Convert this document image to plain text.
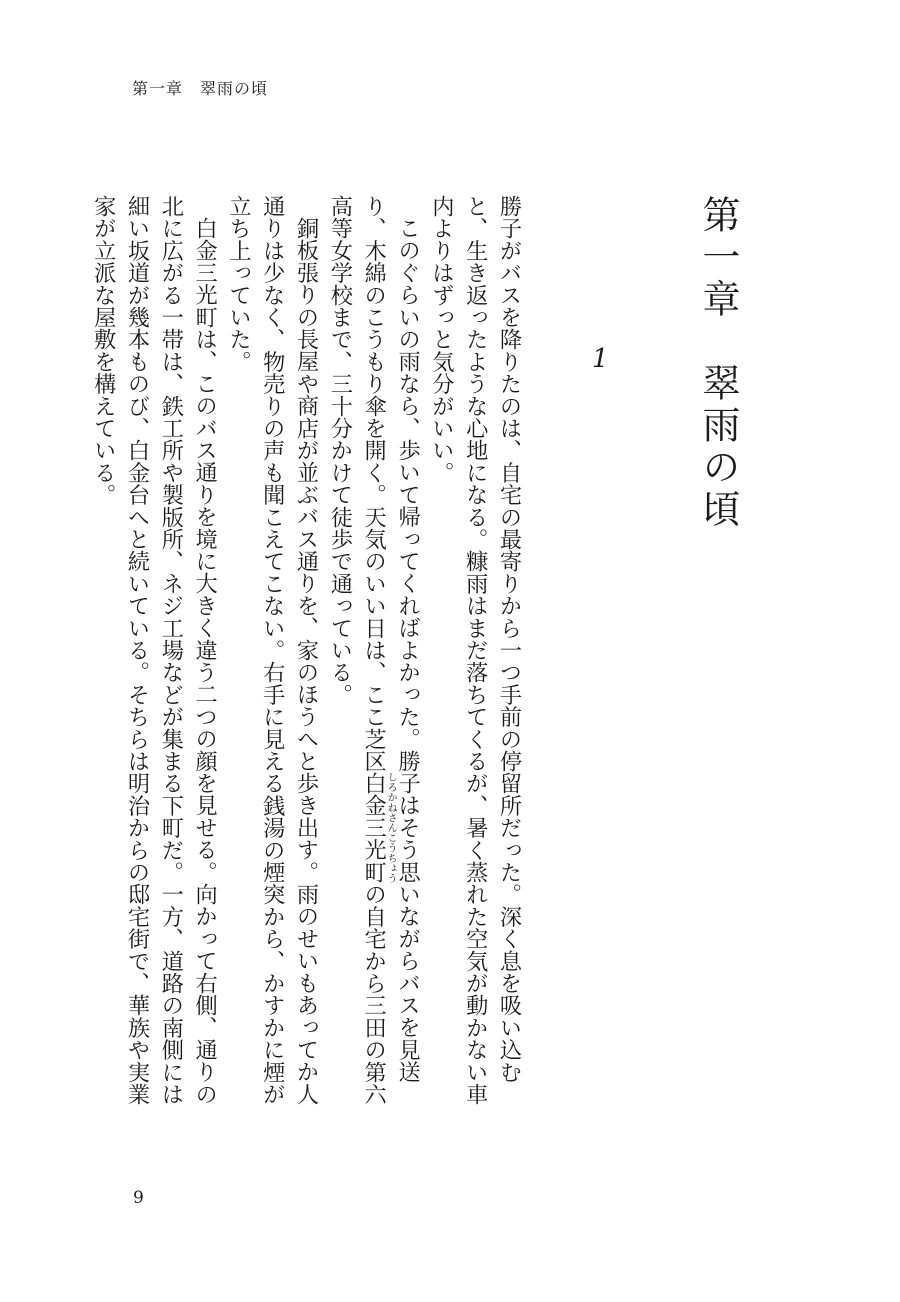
第一章　翠雨の頃
第一章　翠雨の頃
1

勝子がバスを降りたのは、自宅の最寄りから一つ手前の停留所だった。深く息を吸い込むと、生き返ったような心地になる。糠雨はまだ落ちてくるが、暑く蒸れた空気が動かない車内よりはずっと気分がいい。

このぐらいの雨なら、歩いて帰ってくればよかった。勝子はそう思いながらバスを見送り、木綿のこうもり傘を開く。天気のいい日は、ここ芝区白金三光町しろかねさんこうちょうの自宅から三田の第六高等女学校まで、三十分かけて徒歩で通っている。

銅板張りの長屋や商店が並ぶバス通りを、家のほうへと歩き出す。雨のせいもあってか人通りは少なく、物売りの声も聞こえてこない。右手に見える銭湯の煙突から、かすかに煙が立ち上っていた。

白金三光町は、このバス通りを境に大きく違う二つの顔を見せる。向かって右側、通りの北に広がる一帯は、鉄工所や製版所、ネジ工場などが集まる下町だ。一方、道路の南側には細い坂道が幾本ものび、白金台へと続いている。そちらは明治からの邸宅街で、華族や実業家が立派な屋敷を構えている。

9
